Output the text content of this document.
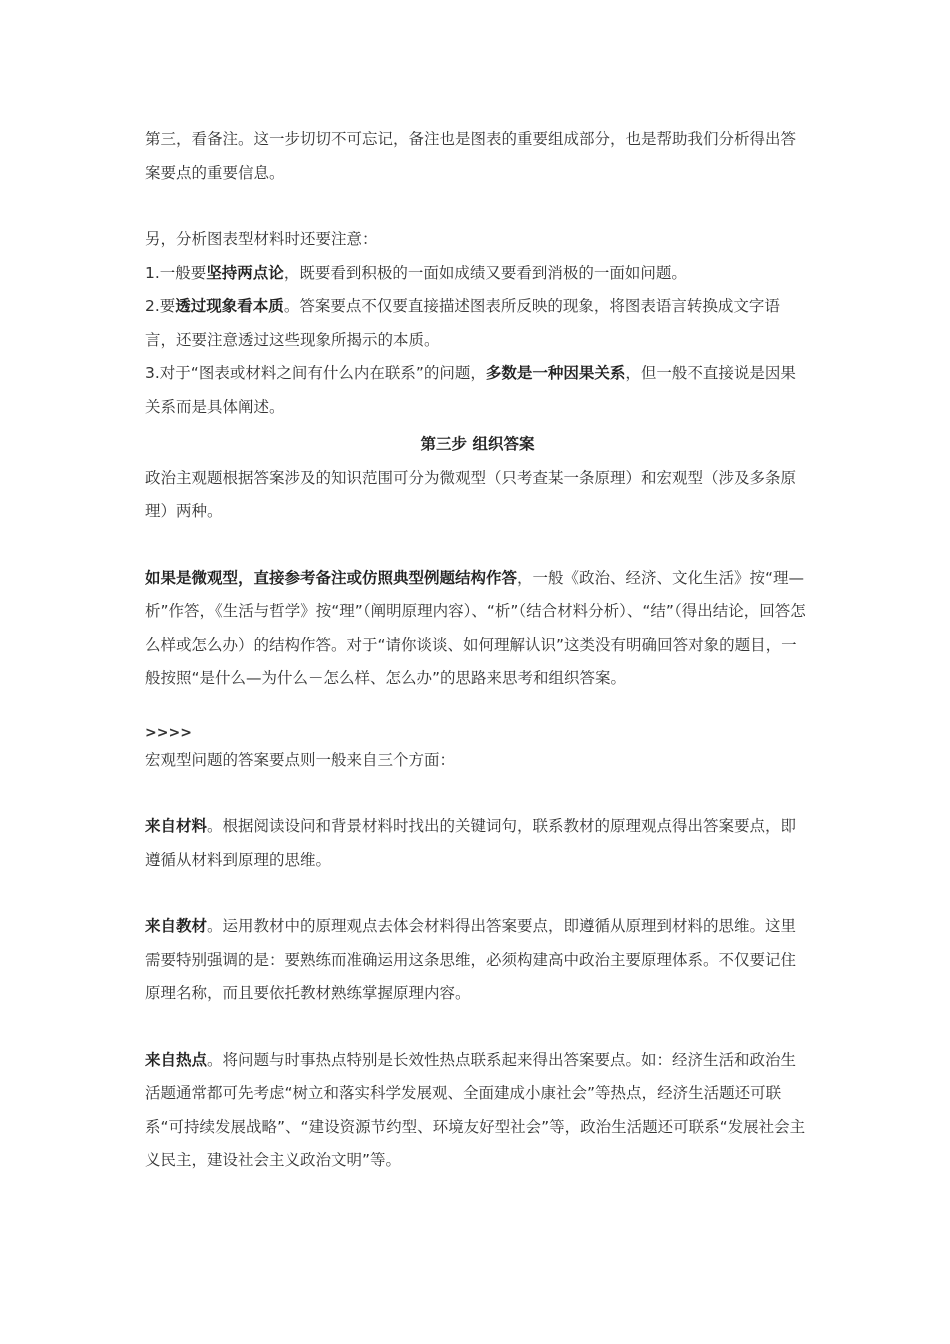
第三，看备注。这一步切切不可忘记，备注也是图表的重要组成部分，也是帮助我们分析得出答案要点的重要信息。

另，分析图表型材料时还要注意：

1.一般要坚持两点论，既要看到积极的一面如成绩又要看到消极的一面如问题。

2.要透过现象看本质。答案要点不仅要直接描述图表所反映的现象，将图表语言转换成文字语言，还要注意透过这些现象所揭示的本质。

3.对于“图表或材料之间有什么内在联系”的问题，多数是一种因果关系，但一般不直接说是因果关系而是具体阐述。

第三步 组织答案

政治主观题根据答案涉及的知识范围可分为微观型（只考查某一条原理）和宏观型（涉及多条原理）两种。

如果是微观型，直接参考备注或仿照典型例题结构作答，一般《政治、经济、文化生活》按“理—析”作答，《生活与哲学》按“理”（阐明原理内容）、“析”（结合材料分析）、“结”（得出结论，回答怎么样或怎么办）的结构作答。对于“请你谈谈、如何理解认识”这类没有明确回答对象的题目，一般按照“是什么—为什么－怎么样、怎么办”的思路来思考和组织答案。

>>>>

宏观型问题的答案要点则一般来自三个方面：

来自材料。根据阅读设问和背景材料时找出的关键词句，联系教材的原理观点得出答案要点，即遵循从材料到原理的思维。

来自教材。运用教材中的原理观点去体会材料得出答案要点，即遵循从原理到材料的思维。这里需要特别强调的是：要熟练而准确运用这条思维，必须构建高中政治主要原理体系。不仅要记住原理名称，而且要依托教材熟练掌握原理内容。

来自热点。将问题与时事热点特别是长效性热点联系起来得出答案要点。如：经济生活和政治生活题通常都可先考虑“树立和落实科学发展观、全面建成小康社会”等热点，经济生活题还可联系“可持续发展战略”、“建设资源节约型、环境友好型社会”等，政治生活题还可联系“发展社会主义民主，建设社会主义政治文明”等。
